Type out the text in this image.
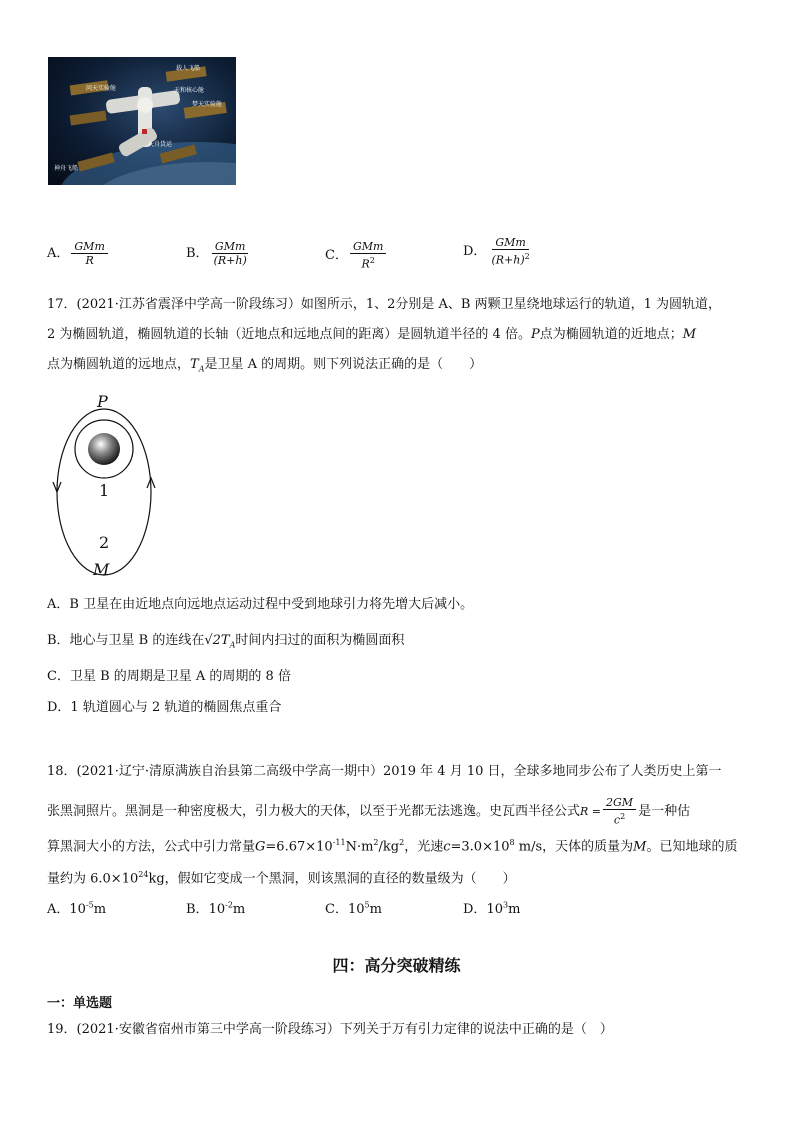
问天实验舱	天和核心舱
梦天实验舱
神舟飞船
天舟货运
载人飞船
A． $\frac{\text{GMm}}{R}$	B． $\frac{\text{GMm}}{(R+h)}$	C． $\frac{\text{GMm}}{R^2}$	D． $\frac{\text{GMm}}{(R+h)^2}$
17．(2021·江苏省震泽中学高一阶段练习）如图所示，1、2分别是 A、B 两颗卫星绕地球运行的轨道，1 为圆轨道，
2 为椭圆轨道，椭圆轨道的长轴（近地点和远地点间的距离）是圆轨道半径的 4 倍。P点为椭圆轨道的近地点；M
点为椭圆轨道的远地点，$T_A$是卫星 A 的周期。则下列说法正确的是（　　）
P
M
1
2
A．B 卫星在由近地点向远地点运动过程中受到地球引力将先增大后减小。
B．地心与卫星 B 的连线在$√2T_A$时间内扫过的面积为椭圆面积
C．卫星 B 的周期是卫星 A 的周期的 8 倍
D．1 轨道圆心与 2 轨道的椭圆焦点重合
18．(2021·辽宁·清原满族自治县第二高级中学高一期中）2019 年 4 月 10 日，全球多地同步公布了人类历史上第一
张黑洞照片。黑洞是一种密度极大，引力极大的天体，以至于光都无法逃逸。史瓦西半径公式$R = \frac{2GM}{c^2}$ 是一种估
算黑洞大小的方法，公式中引力常量$G=6.67\times 10^{-11}N\cdot m^2/kg^2$，光速$c=3.0\times 10^8$ m/s，天体的质量为M。已知地球的质
量约为 $6.0\times 10^{24}kg$，假如它变成一个黑洞，则该黑洞的直径的数量级为（　　）
A．$10^{-5}m$	B．$10^{-2}m$	C．$10^5m$	D．$10^3m$
四：高分突破精练
一：单选题
19．(2021·安徽省宿州市第三中学高一阶段练习）下列关于万有引力定律的说法中正确的是（　）
